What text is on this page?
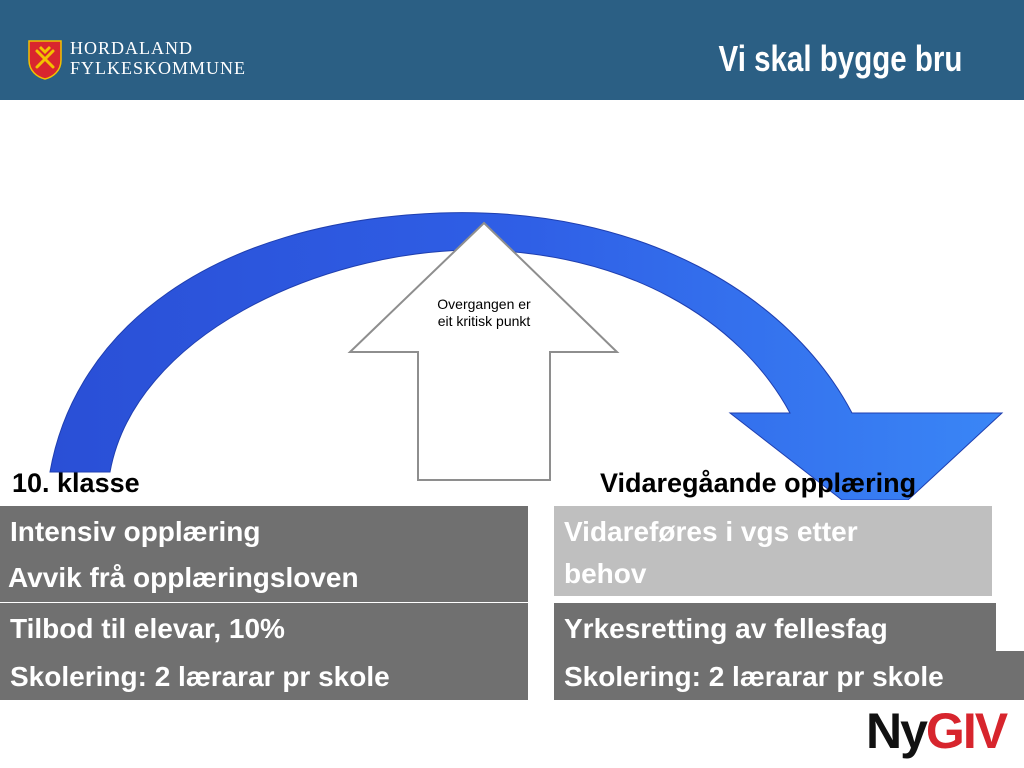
HORDALAND
FYLKESKOMMUNE	Vi skal bygge bru
Overgangen er eit kritisk punkt
10. klasse	Vidaregåande opplæring
Intensiv opplæring
Avvik frå opplæringsloven
Tilbod til elevar, 10%
Skolering: 2 lærarar pr skole
Vidareføres i vgs etter
behov
Yrkesretting av fellesfag
Skolering: 2 lærarar pr skole
NyGIV
